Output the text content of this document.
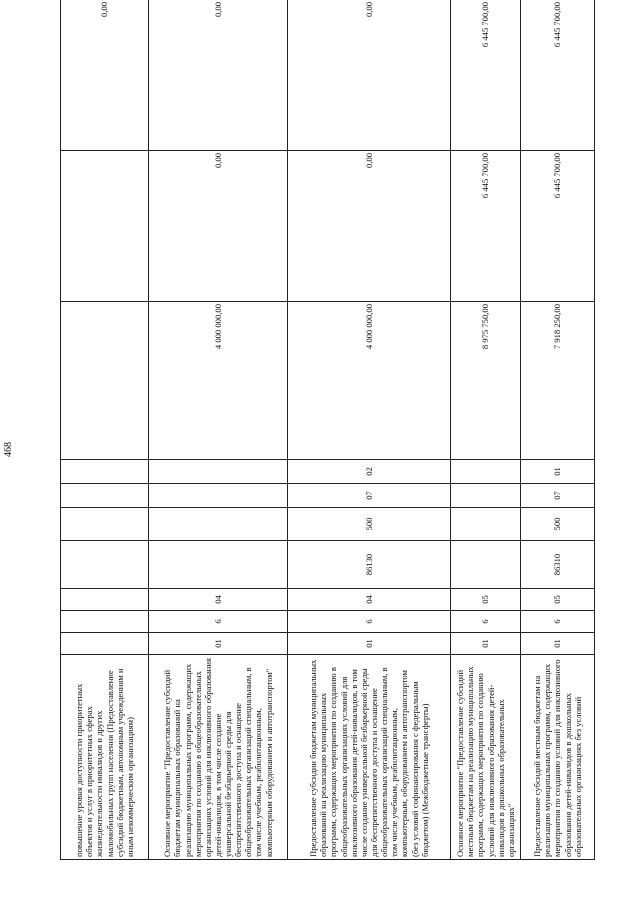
468
повышение уровня доступности приоритетных объектов и услуг в приоритетных сферах жизнедеятельности инвалидов и других маломобильных групп населения (Предоставление субсидий бюджетным, автономным учреждениям и иным некоммерческим организациям)										0,00
Основное мероприятие "Предоставление субсидий бюджетам муниципальных образований на реализацию муниципальных программ, содержащих мероприятия по созданию в общеобразовательных организациях условий для инклюзивного образования детей-инвалидов, в том числе создание универсальной безбарьерной среды для беспрепятственного доступа и оснащение общеобразовательных организаций специальным, в том числе учебным, реабилитационным, компьютерным оборудованием и автотранспортом"	01	6	04					4 000 000,00	0,00	0,00
Предоставление субсидии бюджетам муниципальных образований на реализацию муниципальных программ, содержащих мероприятия по созданию в общеобразовательных организациях условий для инклюзивного образования детей-инвалидов, в том числе создание универсальной безбарьерной среды для беспрепятственного доступа и оснащение общеобразовательных организаций специальным, в том числе учебным, реабилитационным, компьютерным, оборудованием и автотранспортом (без условий софинансирования с федеральным бюджетом) (Межбюджетные трансферты)	01	6	04	86130	500	07	02	4 000 000,00	0,00	0,00
Основное мероприятие "Предоставление субсидий местным бюджетам на реализацию муниципальных программ, содержащих мероприятия по созданию условий для инклюзивного образования детей-инвалидов в дошкольных образовательных организациях"	01	6	05					8 975 750,00	6 445 700,00	6 445 700,00
Предоставление субсидий местным бюджетам на реализацию муниципальных программ, содержащих мероприятия по созданию условий для инклюзивного образования детей-инвалидов в дошкольных образовательных организациях без условий	01	6	05	86310	500	07	01	7 918 250,00	6 445 700,00	6 445 700,00
